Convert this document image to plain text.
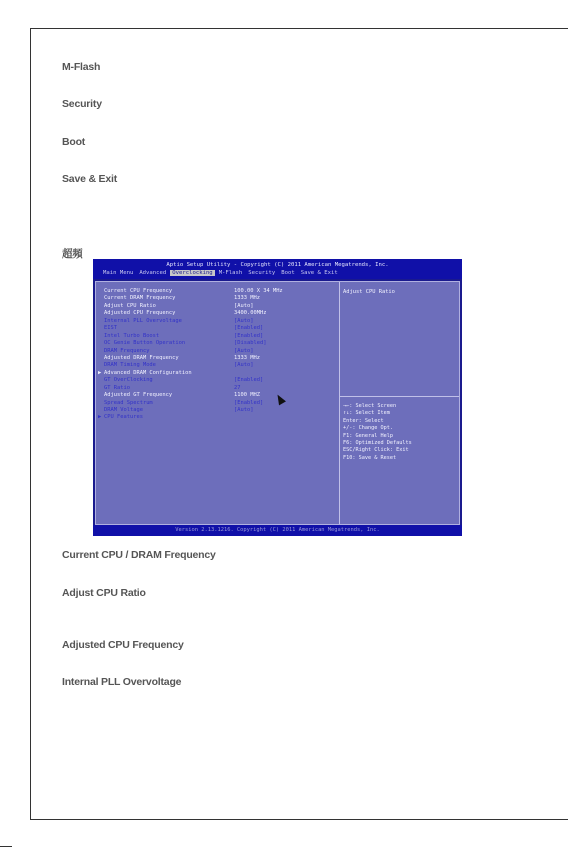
M-Flash
Security
Boot
Save & Exit
超頻
Aptio Setup Utility - Copyright (C) 2011 American Megatrends, Inc.
Main Menu Advanced Overclocking M-Flash Security Boot Save & Exit
Current CPU Frequency	100.00 X 34 MHz
Current DRAM Frequency	1333 MHz
Adjust CPU Ratio	[Auto]
Adjusted CPU Frequency	3400.00MHz
Internal PLL Overvoltage	[Auto]
EIST	[Enabled]
Intel Turbo Boost	[Enabled]
OC Genie Button Operation	[Disabled]
DRAM Frequency	[Auto]
Adjusted DRAM Frequency	1333 MHz
DRAM Timing Mode	[Auto]
▶ Advanced DRAM Configuration
GT OverClocking	[Enabled]
GT Ratio	27
Adjusted GT Frequency	1100 MHZ
Spread Spectrum	[Enabled]
DRAM Voltage	[Auto]
▶ CPU Features
Adjust CPU Ratio
→←: Select Screen
↑↓: Select Item
Enter: Select
+/-: Change Opt.
F1: General Help
F6: Optimized Defaults
ESC/Right Click: Exit
F10: Save & Reset
Version 2.13.1216. Copyright (C) 2011 American Megatrends, Inc.
Current CPU / DRAM Frequency
Adjust CPU Ratio
Adjusted CPU Frequency
Internal PLL Overvoltage
